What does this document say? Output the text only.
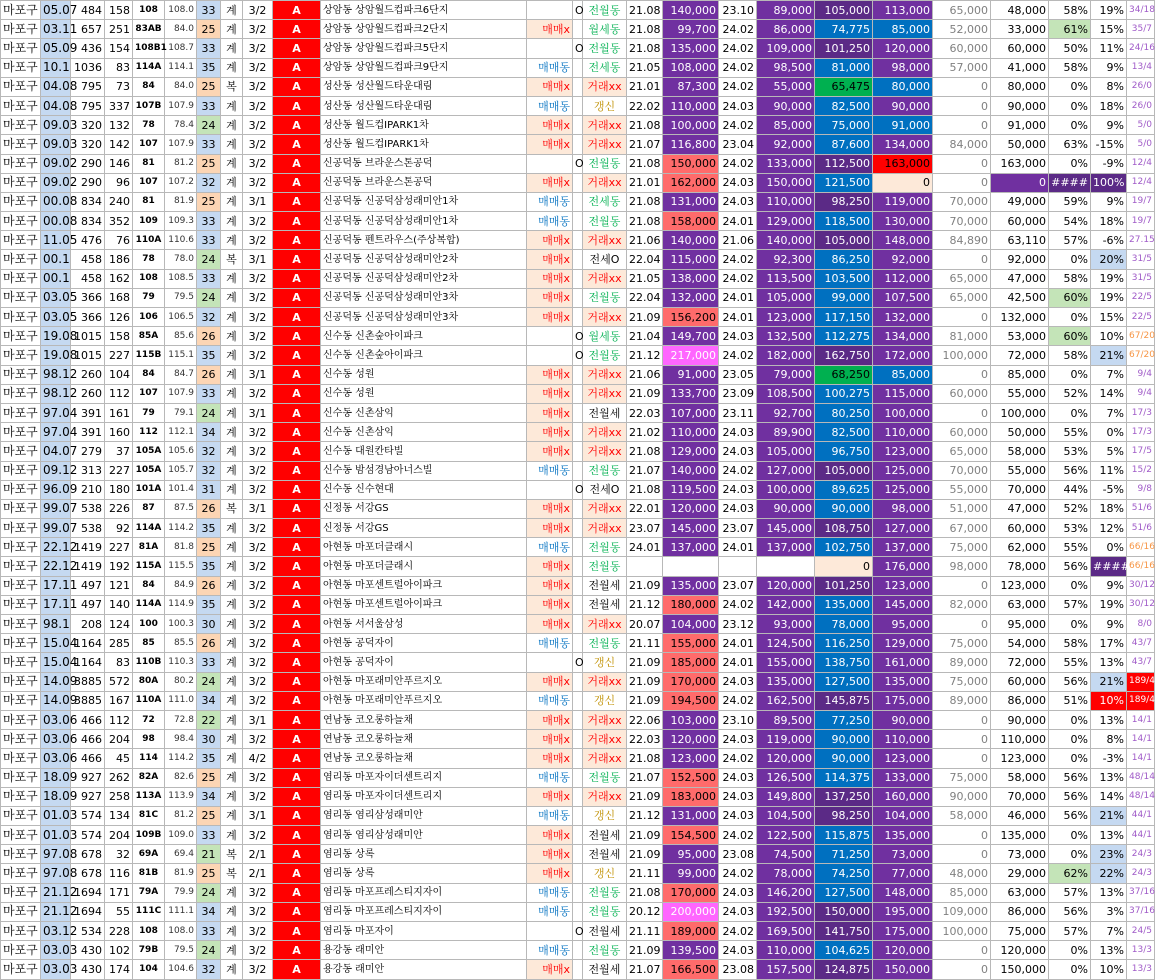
마포구	05.07	484	158	108	108.0	33	계	3/2	A	상암동 상암월드컵파크6단지		O	전월동	21.08	140,000	23.10	89,000	105,000	113,000	65,000	48,000	58%	19%	34/18
마포구	03.11	657	251	83AB	84.0	25	계	3/2	A	상암동 상암월드컵파크2단지	매매x		월세동	21.08	99,700	24.02	86,000	74,775	85,000	52,000	33,000	61%	15%	35/7
마포구	05.09	436	154	108B1	108.7	33	계	3/2	A	상암동 상암월드컵파크5단지		O	전월동	21.08	135,000	24.02	109,000	101,250	120,000	60,000	60,000	50%	11%	24/16
마포구	10.1	1036	83	114A	114.1	35	계	3/2	A	상암동 상암월드컵파크9단지	매매동		전세동	21.05	108,000	24.02	98,500	81,000	98,000	57,000	41,000	58%	9%	13/4
마포구	04.08	795	73	84	84.0	25	복	3/2	A	성산동 성산월드타운대림	매매x		거래xx	21.01	87,300	24.02	55,000	65,475	80,000	0	80,000	0%	8%	26/0
마포구	04.08	795	337	107B	107.9	33	계	3/2	A	성산동 성산월드타운대림	매매동		갱신	22.02	110,000	24.03	90,000	82,500	90,000	0	90,000	0%	18%	26/0
마포구	09.03	320	132	78	78.4	24	계	3/2	A	성산동 월드컵IPARK1차	매매x		거래xx	21.08	100,000	24.02	85,000	75,000	91,000	0	91,000	0%	9%	5/0
마포구	09.03	320	142	107	107.9	33	계	3/2	A	성산동 월드컵IPARK1차	매매x		거래xx	21.07	116,800	23.04	92,000	87,600	134,000	84,000	50,000	63%	-15%	5/0
마포구	09.02	290	146	81	81.2	25	계	3/2	A	신공덕동 브라운스톤공덕		O	전월동	21.08	150,000	24.02	133,000	112,500	163,000	0	163,000	0%	-9%	12/4
마포구	09.02	290	96	107	107.2	32	계	3/2	A	신공덕동 브라운스톤공덕	매매x		거래xx	21.01	162,000	24.03	150,000	121,500	0	0	0	####	100%	12/4
마포구	00.08	834	240	81	81.9	25	계	3/1	A	신공덕동 신공덕삼성래미안1차	매매동		전세동	21.08	131,000	24.03	110,000	98,250	119,000	70,000	49,000	59%	9%	19/7
마포구	00.08	834	352	109	109.3	33	계	3/2	A	신공덕동 신공덕삼성래미안1차	매매동		전월동	21.08	158,000	24.01	129,000	118,500	130,000	70,000	60,000	54%	18%	19/7
마포구	11.05	476	76	110A	110.6	33	계	3/2	A	신공덕동 펜트라우스(주상복합)	매매x		거래xx	21.06	140,000	21.06	140,000	105,000	148,000	84,890	63,110	57%	-6%	27.15
마포구	00.1	458	186	78	78.0	24	복	3/1	A	신공덕동 신공덕삼성래미안2차	매매x		전세O	22.04	115,000	24.02	92,300	86,250	92,000	0	92,000	0%	20%	31/5
마포구	00.1	458	162	108	108.5	33	계	3/2	A	신공덕동 신공덕삼성래미안2차	매매x		거래xx	21.05	138,000	24.02	113,500	103,500	112,000	65,000	47,000	58%	19%	31/5
마포구	03.05	366	168	79	79.5	24	계	3/2	A	신공덕동 신공덕삼성래미안3차	매매x		전월동	22.04	132,000	24.01	105,000	99,000	107,500	65,000	42,500	60%	19%	22/5
마포구	03.05	366	126	106	106.5	32	계	3/2	A	신공덕동 신공덕삼성래미안3차	매매x		거래xx	21.09	156,200	24.01	123,000	117,150	132,000	0	132,000	0%	15%	22/5
마포구	19.08	1015	158	85A	85.6	26	계	3/2	A	신수동 신촌숲아이파크		O	월세동	21.04	149,700	24.03	132,500	112,275	134,000	81,000	53,000	60%	10%	67/20
마포구	19.08	1015	227	115B	115.1	35	계	3/2	A	신수동 신촌숲아이파크		O	전월동	21.12	217,000	24.02	182,000	162,750	172,000	100,000	72,000	58%	21%	67/20
마포구	98.12	260	104	84	84.7	26	계	3/1	A	신수동 성원	매매x		거래xx	21.06	91,000	23.05	79,000	68,250	85,000	0	85,000	0%	7%	9/4
마포구	98.12	260	112	107	107.9	33	계	3/2	A	신수동 성원	매매x		거래xx	21.09	133,700	23.09	108,500	100,275	115,000	60,000	55,000	52%	14%	9/4
마포구	97.04	391	161	79	79.1	24	계	3/1	A	신수동 신촌삼익	매매x		전월세	22.03	107,000	23.11	92,700	80,250	100,000	0	100,000	0%	7%	17/3
마포구	97.04	391	160	112	112.1	34	계	3/2	A	신수동 신촌삼익	매매x		거래xx	21.02	110,000	24.03	89,900	82,500	110,000	60,000	50,000	55%	0%	17/3
마포구	04.07	279	37	105A	105.6	32	계	3/2	A	신수동 대원칸타빌	매매x		거래xx	21.08	129,000	24.03	105,000	96,750	123,000	65,000	58,000	53%	5%	17/5
마포구	09.12	313	227	105A	105.7	32	계	3/2	A	신수동 밤섬경남아너스빌	매매동		전월동	21.07	140,000	24.02	127,000	105,000	125,000	70,000	55,000	56%	11%	15/2
마포구	96.09	210	180	101A	101.4	31	계	3/2	A	신수동 신수현대		O	전세O	21.08	119,500	24.03	100,000	89,625	125,000	55,000	70,000	44%	-5%	9/8
마포구	99.07	538	226	87	87.5	26	복	3/1	A	신정동 서강GS	매매x		거래xx	22.01	120,000	24.03	90,000	90,000	98,000	51,000	47,000	52%	18%	51/6
마포구	99.07	538	92	114A	114.2	35	계	3/2	A	신정동 서강GS	매매x		거래xx	23.07	145,000	23.07	145,000	108,750	127,000	67,000	60,000	53%	12%	51/6
마포구	22.12	1419	227	81A	81.8	25	계	3/2	A	아현동 마포더클래시	매매동		전월동	24.01	137,000	24.01	137,000	102,750	137,000	75,000	62,000	55%	0%	66/16
마포구	22.12	1419	192	115A	115.5	35	계	3/2	A	아현동 마포더클래시	매매x		전월동					0	176,000	98,000	78,000	56%	####	66/16
마포구	17.11	497	121	84	84.9	26	계	3/2	A	아현동 마포센트럴아이파크	매매x		전월세	21.09	135,000	23.07	120,000	101,250	123,000	0	123,000	0%	9%	30/12
마포구	17.11	497	140	114A	114.9	35	계	3/2	A	아현동 마포센트럴아이파크	매매x		전월세	21.12	180,000	24.02	142,000	135,000	145,000	82,000	63,000	57%	19%	30/12
마포구	98.1	208	124	100	100.3	30	계	3/2	A	아현동 서서울삼성	매매x		거래xx	20.07	104,000	23.12	93,000	78,000	95,000	0	95,000	0%	9%	8/0
마포구	15.04	1164	285	85	85.5	26	계	3/2	A	아현동 공덕자이	매매동		전월동	21.11	155,000	24.01	124,500	116,250	129,000	75,000	54,000	58%	17%	43/7
마포구	15.04	1164	83	110B	110.3	33	계	3/2	A	아현동 공덕자이		O	갱신	21.09	185,000	24.01	155,000	138,750	161,000	89,000	72,000	55%	13%	43/7
마포구	14.09	3885	572	80A	80.2	24	계	3/2	A	아현동 마포래미안푸르지오	매매x		거래xx	21.09	170,000	24.03	135,000	127,500	135,000	75,000	60,000	56%	21%	189/40
마포구	14.09	3885	167	110A	111.0	34	계	3/2	A	아현동 마포래미안푸르지오	매매동		갱신	21.09	194,500	24.02	162,500	145,875	175,000	89,000	86,000	51%	10%	189/40
마포구	03.06	466	112	72	72.8	22	계	3/1	A	연남동 코오롱하늘채	매매x		거래xx	22.06	103,000	23.10	89,500	77,250	90,000	0	90,000	0%	13%	14/1
마포구	03.06	466	204	98	98.4	30	계	3/2	A	연남동 코오롱하늘채	매매x		거래xx	22.03	120,000	24.03	119,000	90,000	110,000	0	110,000	0%	8%	14/1
마포구	03.06	466	45	114	114.2	35	계	4/2	A	연남동 코오롱하늘채	매매x		거래xx	21.08	123,000	24.02	120,000	90,000	123,000	0	123,000	0%	-3%	14/1
마포구	18.09	927	262	82A	82.6	25	계	3/2	A	염리동 마포자이더센트리지	매매동		전월동	21.07	152,500	24.03	126,500	114,375	133,000	75,000	58,000	56%	13%	48/14
마포구	18.09	927	258	113A	113.9	34	계	3/2	A	염리동 마포자이더센트리지	매매x		거래xx	21.09	183,000	24.03	149,800	137,250	160,000	90,000	70,000	56%	14%	48/14
마포구	01.03	574	134	81C	81.2	25	계	3/1	A	염리동 염리삼성래미안	매매동		갱신	21.12	131,000	24.03	104,500	98,250	104,000	58,000	46,000	56%	21%	44/1
마포구	01.03	574	204	109B	109.0	33	계	3/2	A	염리동 염리삼성래미안	매매x		전월세	21.09	154,500	24.02	122,500	115,875	135,000	0	135,000	0%	13%	44/1
마포구	97.08	678	32	69A	69.4	21	복	2/1	A	염리동 상록	매매x		전월세	21.09	95,000	23.08	74,500	71,250	73,000	0	73,000	0%	23%	24/3
마포구	97.08	678	116	81B	81.9	25	복	2/1	A	염리동 상록	매매x		갱신	21.11	99,000	24.02	78,000	74,250	77,000	48,000	29,000	62%	22%	24/3
마포구	21.12	1694	171	79A	79.9	24	계	3/2	A	염리동 마포프레스티지자이	매매동		전월동	21.08	170,000	24.03	146,200	127,500	148,000	85,000	63,000	57%	13%	37/16
마포구	21.12	1694	55	111C	111.1	34	계	3/2	A	염리동 마포프레스티지자이	매매동		전월동	20.12	200,000	24.03	192,500	150,000	195,000	109,000	86,000	56%	3%	37/16
마포구	03.12	534	228	108	108.0	33	계	3/2	A	염리동 마포자이		O	전월세	21.11	189,000	24.02	169,500	141,750	175,000	100,000	75,000	57%	7%	24/5
마포구	03.03	430	102	79B	79.5	24	계	3/2	A	용강동 래미안	매매동		전월동	21.09	139,500	24.03	110,000	104,625	120,000	0	120,000	0%	13%	13/3
마포구	03.03	430	174	104	104.6	32	계	3/2	A	용강동 래미안	매매x		전월세	21.07	166,500	23.08	157,500	124,875	150,000	0	150,000	0%	10%	13/3
